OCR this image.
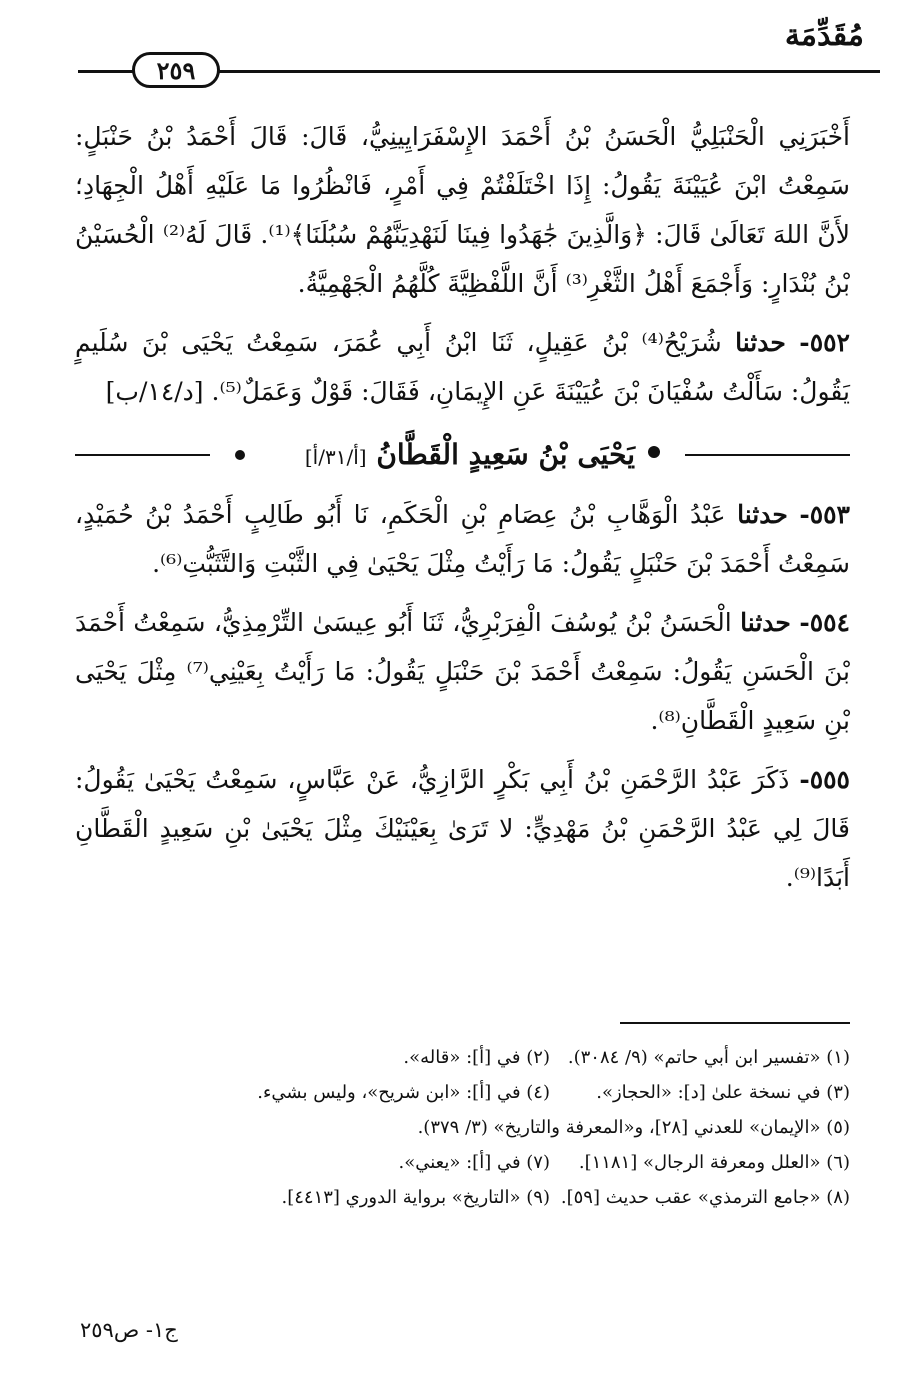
مُقَدِّمَة
٢٥٩

أَخْبَرَنِي الْحَنْبَلِيُّ الْحَسَنُ بْنُ أَحْمَدَ الإِسْفَرَايِينِيُّ، قَالَ: قَالَ أَحْمَدُ بْنُ حَنْبَلٍ: سَمِعْتُ ابْنَ عُيَيْنَةَ يَقُولُ: إِذَا اخْتَلَفْتُمْ فِي أَمْرٍ، فَانْظُرُوا مَا عَلَيْهِ أَهْلُ الْجِهَادِ؛ لأَنَّ اللهَ تَعَالَىٰ قَالَ: ﴿وَالَّذِينَ جَٰهَدُوا فِينَا لَنَهْدِيَنَّهُمْ سُبُلَنَا﴾⁽¹⁾. قَالَ لَهُ⁽²⁾ الْحُسَيْنُ بْنُ بُنْدَارٍ: وَأَجْمَعَ أَهْلُ الثَّغْرِ⁽³⁾ أَنَّ اللَّفْظِيَّةَ كُلَّهُمُ الْجَهْمِيَّةُ.

٥٥٢- حدثنا شُرَيْحُ⁽⁴⁾ بْنُ عَقِيلٍ، ثَنَا ابْنُ أَبِي عُمَرَ، سَمِعْتُ يَحْيَى بْنَ سُلَيمٍ يَقُولُ: سَأَلْتُ سُفْيَانَ بْنَ عُيَيْنَةَ عَنِ الإِيمَانِ، فَقَالَ: قَوْلٌ وَعَمَلٌ⁽⁵⁾. [د/١٤/ب]

يَحْيَى بْنُ سَعِيدٍ الْقَطَّانُ [أ/٣١/أ]

٥٥٣- حدثنا عَبْدُ الْوَهَّابِ بْنُ عِصَامِ بْنِ الْحَكَمِ، نَا أَبُو طَالِبٍ أَحْمَدُ بْنُ حُمَيْدٍ، سَمِعْتُ أَحْمَدَ بْنَ حَنْبَلٍ يَقُولُ: مَا رَأَيْتُ مِثْلَ يَحْيَىٰ فِي الثَّبْتِ وَالتَّثَبُّتِ⁽⁶⁾.

٥٥٤- حدثنا الْحَسَنُ بْنُ يُوسُفَ الْفِرَبْرِيُّ، ثَنَا أَبُو عِيسَىٰ التِّرْمِذِيُّ، سَمِعْتُ أَحْمَدَ بْنَ الْحَسَنِ يَقُولُ: سَمِعْتُ أَحْمَدَ بْنَ حَنْبَلٍ يَقُولُ: مَا رَأَيْتُ بِعَيْنِي⁽⁷⁾ مِثْلَ يَحْيَى بْنِ سَعِيدٍ الْقَطَّانِ⁽⁸⁾.

٥٥٥- ذَكَرَ عَبْدُ الرَّحْمَنِ بْنُ أَبِي بَكْرٍ الرَّازِيُّ، عَنْ عَبَّاسٍ، سَمِعْتُ يَحْيَىٰ يَقُولُ: قَالَ لِي عَبْدُ الرَّحْمَنِ بْنُ مَهْدِيٍّ: لا تَرَىٰ بِعَيْنَيْكَ مِثْلَ يَحْيَىٰ بْنِ سَعِيدٍ الْقَطَّانِ أَبَدًا⁽⁹⁾.

(١) «تفسير ابن أبي حاتم» (٩/ ٣٠٨٤).
(٢) في [أ]: «قاله».
(٣) في نسخة علىٰ [د]: «الحجاز».
(٤) في [أ]: «ابن شريح»، وليس بشيء.
(٥) «الإيمان» للعدني [٢٨]، و«المعرفة والتاريخ» (٣/ ٣٧٩).
(٦) «العلل ومعرفة الرجال» [١١٨١].
(٧) في [أ]: «يعني».
(٨) «جامع الترمذي» عقب حديث [٥٩].
(٩) «التاريخ» برواية الدوري [٤٤١٣].
ج١- ص٢٥٩
